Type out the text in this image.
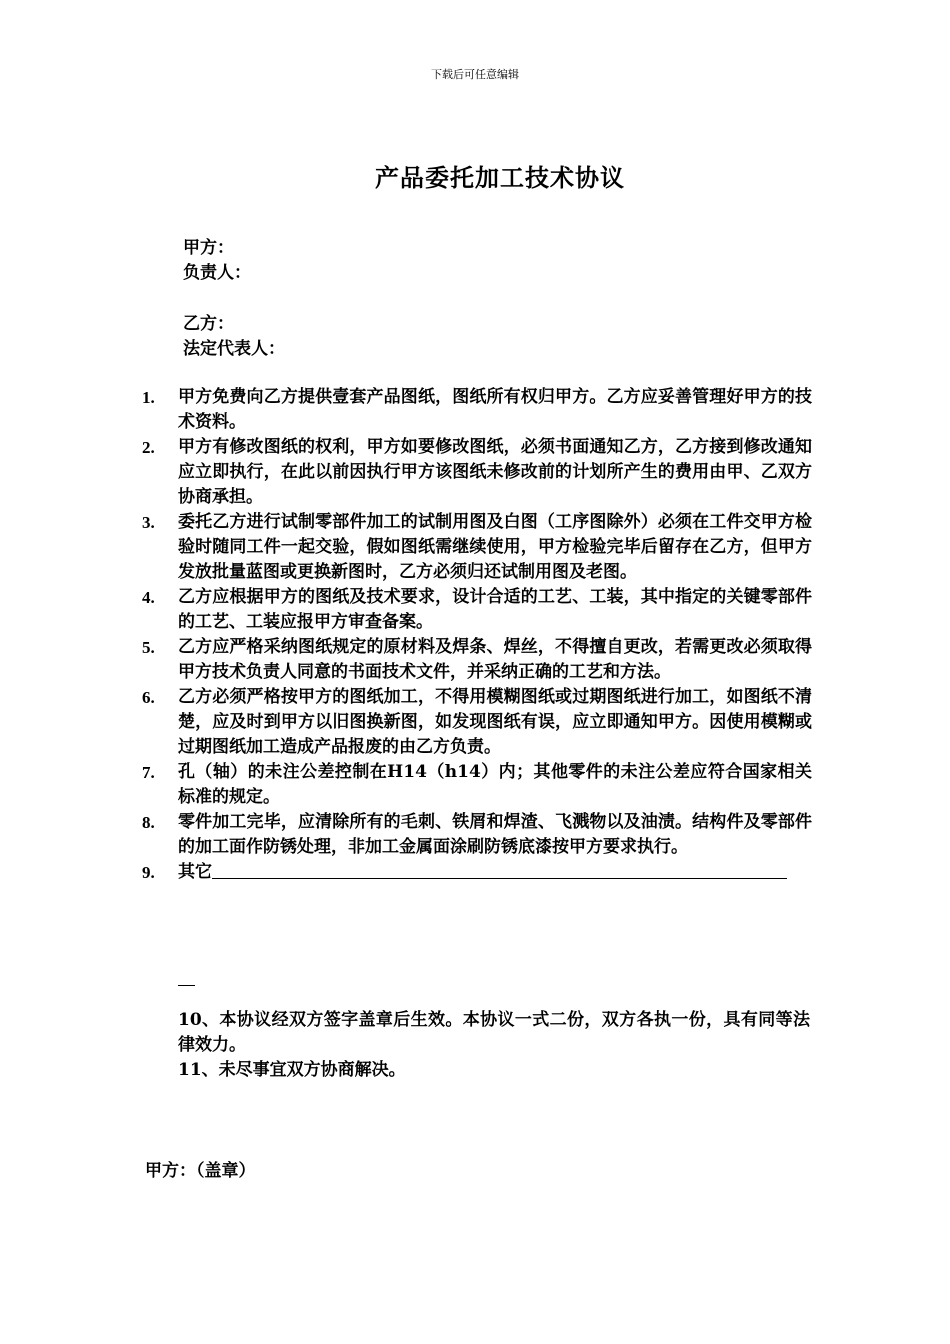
下载后可任意编辑
产品委托加工技术协议
甲方：
负责人：
乙方：
法定代表人：
1. 甲方免费向乙方提供壹套产品图纸，图纸所有权归甲方。乙方应妥善管理好甲方的技术资料。
2. 甲方有修改图纸的权利，甲方如要修改图纸，必须书面通知乙方，乙方接到修改通知应立即执行，在此以前因执行甲方该图纸未修改前的计划所产生的费用由甲、乙双方协商承担。
3. 委托乙方进行试制零部件加工的试制用图及白图（工序图除外）必须在工件交甲方检验时随同工件一起交验，假如图纸需继续使用，甲方检验完毕后留存在乙方，但甲方发放批量蓝图或更换新图时，乙方必须归还试制用图及老图。
4. 乙方应根据甲方的图纸及技术要求，设计合适的工艺、工装，其中指定的关键零部件的工艺、工装应报甲方审查备案。
5. 乙方应严格采纳图纸规定的原材料及焊条、焊丝，不得擅自更改，若需更改必须取得甲方技术负责人同意的书面技术文件，并采纳正确的工艺和方法。
6. 乙方必须严格按甲方的图纸加工，不得用模糊图纸或过期图纸进行加工，如图纸不清楚，应及时到甲方以旧图换新图，如发现图纸有误，应立即通知甲方。因使用模糊或过期图纸加工造成产品报废的由乙方负责。
7. 孔（轴）的未注公差控制在H14（h14）内；其他零件的未注公差应符合国家相关标准的规定。
8. 零件加工完毕，应清除所有的毛刺、铁屑和焊渣、飞溅物以及油渍。结构件及零部件的加工面作防锈处理，非加工金属面涂刷防锈底漆按甲方要求执行。
9. 其它
10、本协议经双方签字盖章后生效。本协议一式二份，双方各执一份，具有同等法律效力。
11、未尽事宜双方协商解决。
甲方：（盖章）
